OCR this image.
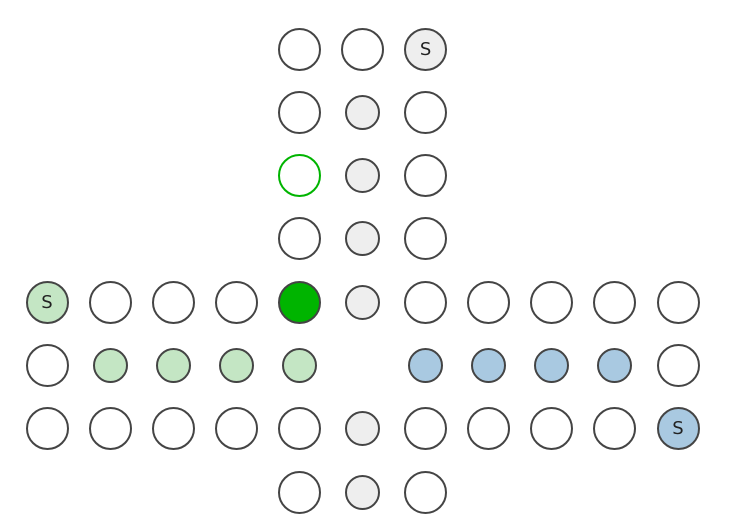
S
S
S
